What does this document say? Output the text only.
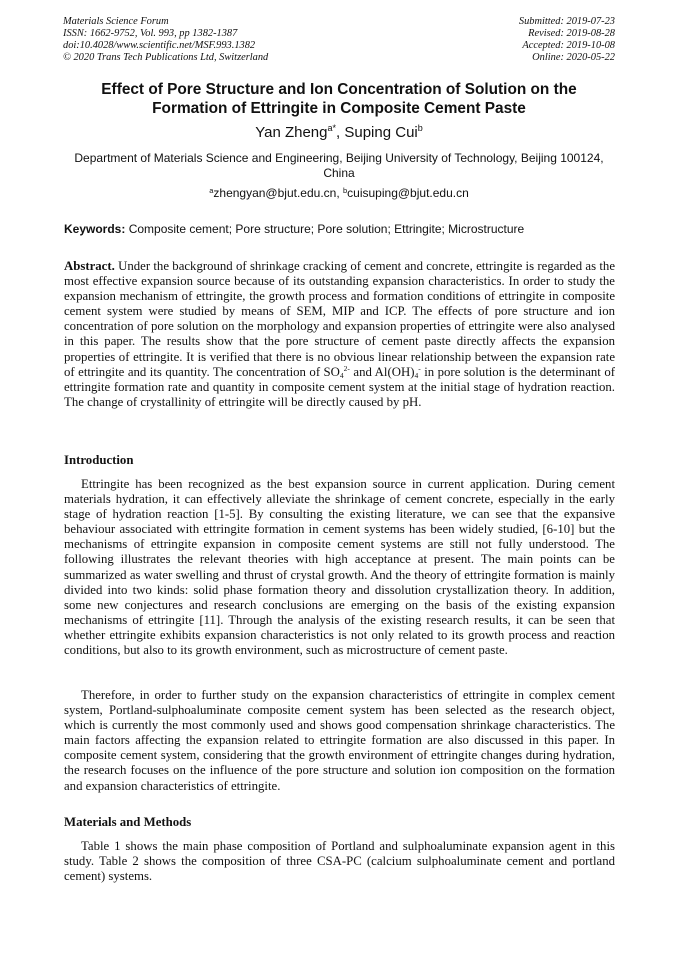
Materials Science Forum
ISSN: 1662-9752, Vol. 993, pp 1382-1387
doi:10.4028/www.scientific.net/MSF.993.1382
© 2020 Trans Tech Publications Ltd, Switzerland
Submitted: 2019-07-23
Revised: 2019-08-28
Accepted: 2019-10-08
Online: 2020-05-22
Effect of Pore Structure and Ion Concentration of Solution on the
Formation of Ettringite in Composite Cement Paste
Yan Zheng$^{a*}$, Suping Cui$^b$
Department of Materials Science and Engineering, Beijing University of Technology, Beijing 100124, China
$^a$zhengyan@bjut.edu.cn, $^b$cuisuping@bjut.edu.cn
Keywords: Composite cement; Pore structure; Pore solution; Ettringite; Microstructure
Abstract. Under the background of shrinkage cracking of cement and concrete, ettringite is regarded as the most effective expansion source because of its outstanding expansion characteristics. In order to study the expansion mechanism of ettringite, the growth process and formation conditions of ettringite in composite cement system were studied by means of SEM, MIP and ICP. The effects of pore structure and ion concentration of pore solution on the morphology and expansion properties of ettringite were also analysed in this paper. The results show that the pore structure of cement paste directly affects the expansion properties of ettringite. It is verified that there is no obvious linear relationship between the expansion rate of ettringite and its quantity. The concentration of $SO_4^{2-}$ and $Al(OH)_4^-$ in pore solution is the determinant of ettringite formation rate and quantity in composite cement system at the initial stage of hydration reaction. The change of crystallinity of ettringite will be directly caused by pH.
Introduction
Ettringite has been recognized as the best expansion source in current application. During cement materials hydration, it can effectively alleviate the shrinkage of cement concrete, especially in the early stage of hydration reaction [1-5]. By consulting the existing literature, we can see that the expansive behaviour associated with ettringite formation in cement systems has been widely studied, [6-10] but the mechanisms of ettringite expansion in composite cement systems are still not fully understood. The following illustrates the relevant theories with high acceptance at present. The main points can be summarized as water swelling and thrust of crystal growth. And the theory of ettringite formation is mainly divided into two kinds: solid phase formation theory and dissolution crystallization theory. In addition, some new conjectures and research conclusions are emerging on the basis of the existing expansion mechanisms of ettringite [11]. Through the analysis of the existing research results, it can be seen that whether ettringite exhibits expansion characteristics is not only related to its growth process and reaction conditions, but also to its growth environment, such as microstructure of cement paste.
Therefore, in order to further study on the expansion characteristics of ettringite in complex cement system, Portland-sulphoaluminate composite cement system has been selected as the research object, which is currently the most commonly used and shows good compensation shrinkage characteristics. The main factors affecting the expansion related to ettringite formation are also discussed in this paper. In composite cement system, considering that the growth environment of ettringite changes during hydration, the research focuses on the influence of the pore structure and solution ion composition on the formation and expansion characteristics of ettringite.
Materials and Methods
Table 1 shows the main phase composition of Portland and sulphoaluminate expansion agent in this study. Table 2 shows the composition of three CSA-PC (calcium sulphoaluminate cement and portland cement) systems.
